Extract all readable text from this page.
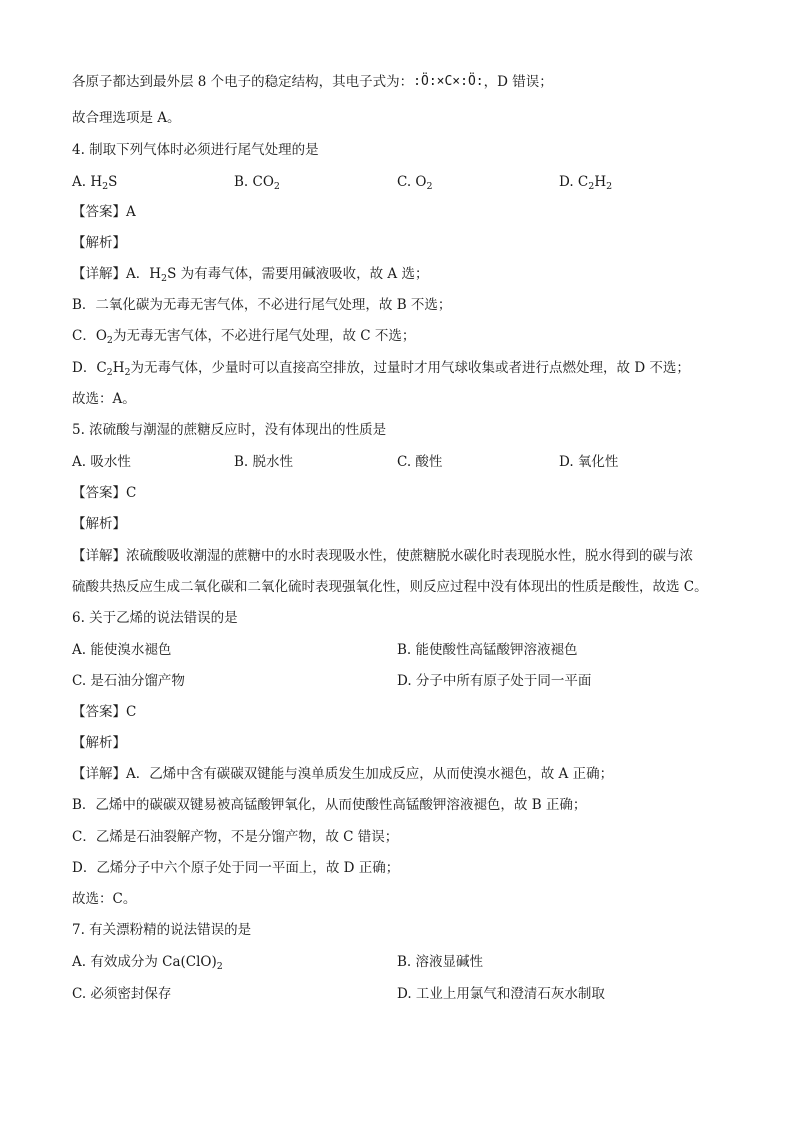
各原子都达到最外层 8 个电子的稳定结构，其电子式为：:Ö:×C×:Ö:，D 错误；
故合理选项是 A。
4. 制取下列气体时必须进行尾气处理的是
A. $H_2S$	B. $CO_2$	C. $O_2$	D. $C_2H_2$
【答案】A
【解析】
【详解】A．$H_2S$ 为有毒气体，需要用碱液吸收，故 A 选；
B．二氧化碳为无毒无害气体，不必进行尾气处理，故 B 不选；
C．$O_2$为无毒无害气体，不必进行尾气处理，故 C 不选；
D．$C_2H_2$为无毒气体，少量时可以直接高空排放，过量时才用气球收集或者进行点燃处理，故 D 不选；
故选：A。
5. 浓硫酸与潮湿的蔗糖反应时，没有体现出的性质是
A. 吸水性	B. 脱水性	C. 酸性	D. 氧化性
【答案】C
【解析】
【详解】浓硫酸吸收潮湿的蔗糖中的水时表现吸水性，使蔗糖脱水碳化时表现脱水性，脱水得到的碳与浓
硫酸共热反应生成二氧化碳和二氧化硫时表现强氧化性，则反应过程中没有体现出的性质是酸性，故选 C。
6. 关于乙烯的说法错误的是
A. 能使溴水褪色	B. 能使酸性高锰酸钾溶液褪色
C. 是石油分馏产物	D. 分子中所有原子处于同一平面
【答案】C
【解析】
【详解】A．乙烯中含有碳碳双键能与溴单质发生加成反应，从而使溴水褪色，故 A 正确；
B．乙烯中的碳碳双键易被高锰酸钾氧化，从而使酸性高锰酸钾溶液褪色，故 B 正确；
C．乙烯是石油裂解产物，不是分馏产物，故 C 错误；
D．乙烯分子中六个原子处于同一平面上，故 D 正确；
故选：C。
7. 有关漂粉精的说法错误的是
A. 有效成分为 $Ca(ClO)_2$	B. 溶液显碱性
C. 必须密封保存	D. 工业上用氯气和澄清石灰水制取
